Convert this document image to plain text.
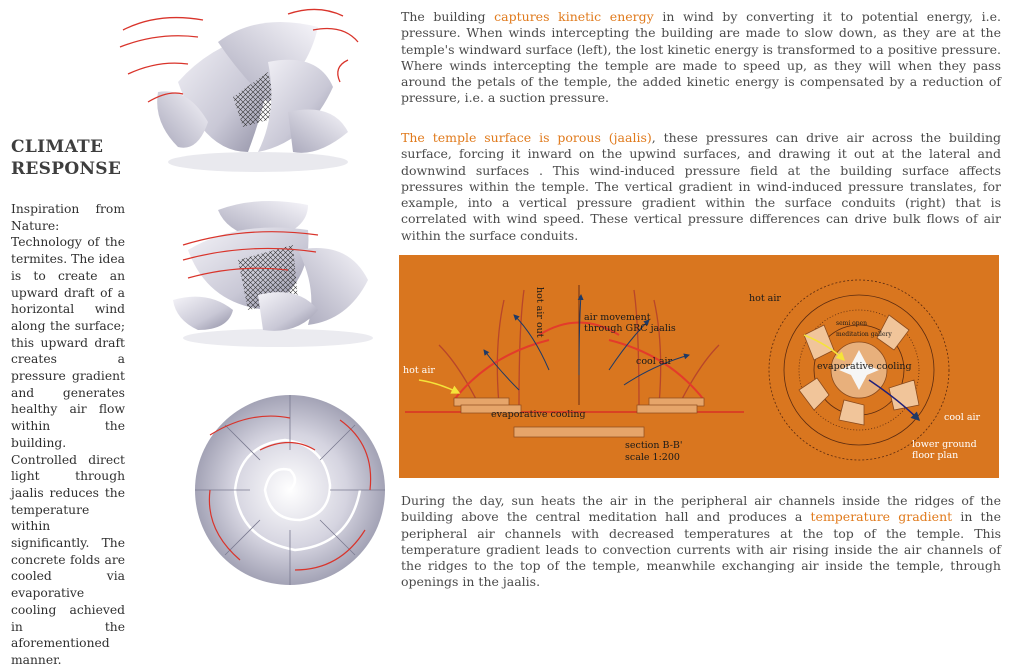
CLIMATE RESPONSE
Inspiration from Nature: Technology of the termites. The idea is to create an upward draft of a horizontal wind along the surface; this upward draft creates a pressure gradient and generates healthy air flow within the building. Controlled direct light through jaalis reduces the temperature within significantly. The concrete folds are cooled via evaporative cooling achieved in the aforementioned manner.
The building captures kinetic energy in wind by converting it to potential energy, i.e. pressure. When winds intercepting the building are made to slow down, as they are at the temple's windward surface (left), the lost kinetic energy is transformed to a positive pressure. Where winds intercepting the temple are made to speed up, as they will when they pass around the petals of the temple, the added kinetic energy is compensated by a reduction of pressure, i.e. a suction pressure.
The temple surface is porous (jaalis), these pressures can drive air across the building surface, forcing it inward on the upwind surfaces, and drawing it out at the lateral and downwind surfaces . This wind-induced pressure field at the building surface affects pressures within the temple. The vertical gradient in wind-induced pressure translates, for example, into a vertical pressure gradient within the surface conduits (right) that is correlated with wind speed. These vertical pressure differences can drive bulk flows of air within the surface conduits.
During the day, sun heats the air in the peripheral air channels inside the ridges of the building above the central meditation hall and produces a temperature gradient in the peripheral air channels with decreased temperatures at the top of the temple. This temperature gradient leads to convection currents with air rising inside the air channels of the ridges to the top of the temple, meanwhile exchanging air inside the temple, through openings in the jaalis.
hot air out	air movement through GRC jaalis
hot air
cool air
evaporative cooling
section B-B'
scale 1:200
hot air
semi open meditation gallery
evaporative cooling
cool air
lower ground floor plan
